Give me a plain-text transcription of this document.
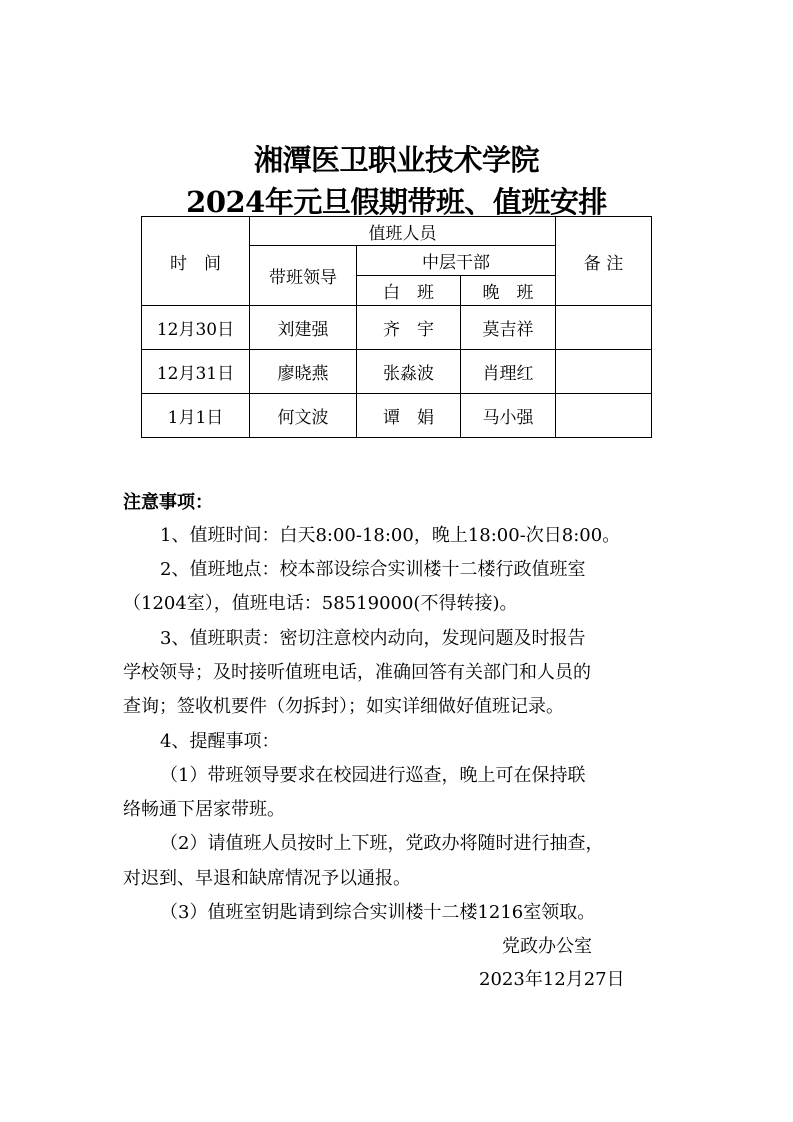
湘潭医卫职业技术学院
2024年元旦假期带班、值班安排
时　间	值班人员			备 注
	带班领导	中层干部		
		白　班	晚　班	
12月30日	刘建强	齐　宇	莫吉祥	
12月31日	廖晓燕	张淼波	肖理红	
1月1日	何文波	谭　娟	马小强	
注意事项：
1、值班时间：白天8:00-18:00，晚上18:00-次日8:00。
2、值班地点：校本部设综合实训楼十二楼行政值班室
（1204室），值班电话：58519000(不得转接)。
3、值班职责：密切注意校内动向，发现问题及时报告
学校领导；及时接听值班电话，准确回答有关部门和人员的
查询；签收机要件（勿拆封）；如实详细做好值班记录。
4、提醒事项：
（1）带班领导要求在校园进行巡查，晚上可在保持联
络畅通下居家带班。
（2）请值班人员按时上下班，党政办将随时进行抽查，
对迟到、早退和缺席情况予以通报。
（3）值班室钥匙请到综合实训楼十二楼1216室领取。
党政办公室
2023年12月27日
